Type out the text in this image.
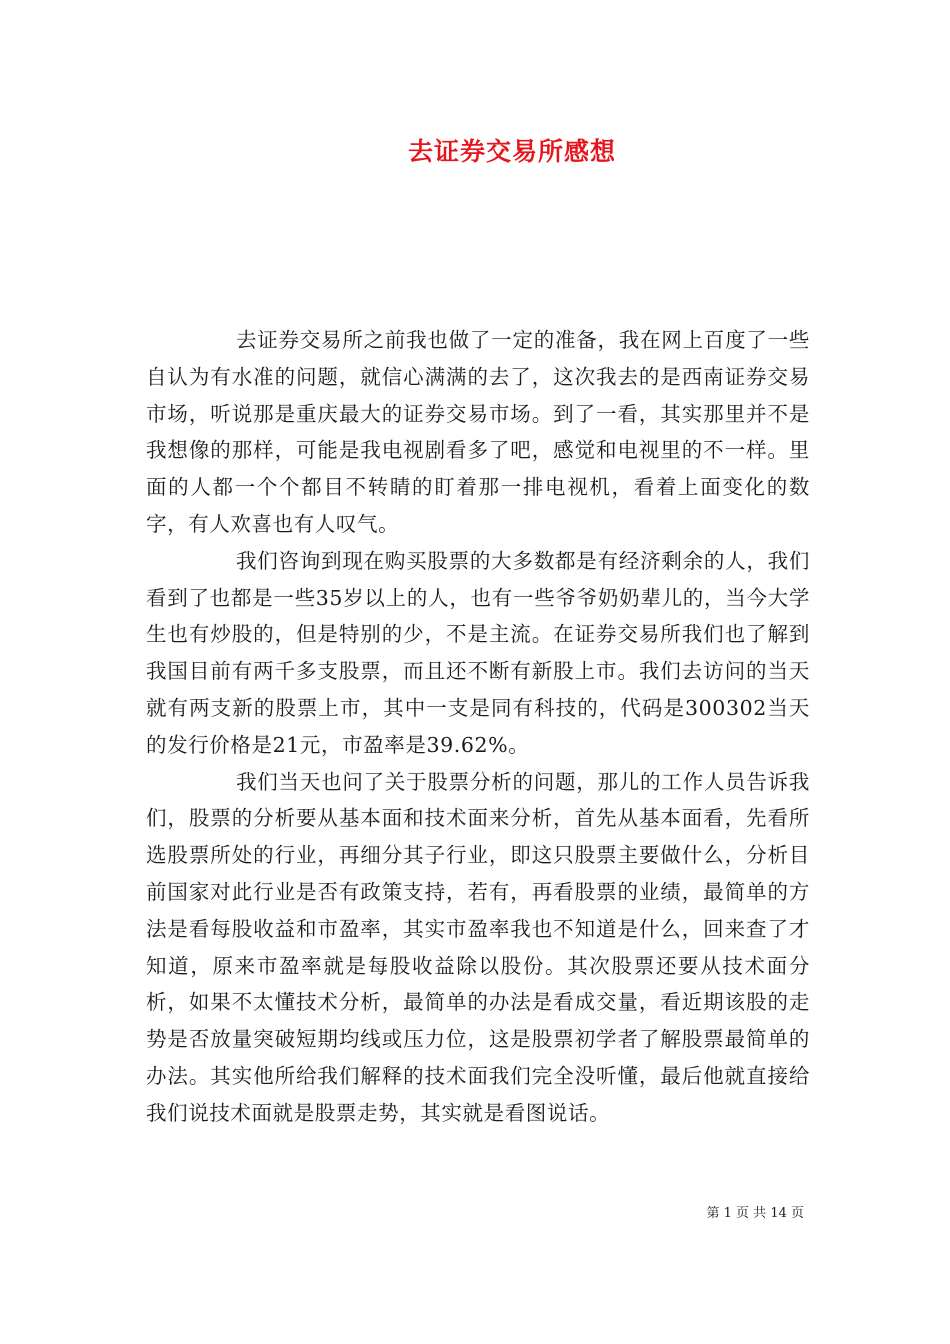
去证券交易所感想

去证券交易所之前我也做了一定的准备，我在网上百度了一些自认为有水准的问题，就信心满满的去了，这次我去的是西南证券交易市场，听说那是重庆最大的证券交易市场。到了一看，其实那里并不是我想像的那样，可能是我电视剧看多了吧，感觉和电视里的不一样。里面的人都一个个都目不转睛的盯着那一排电视机，看着上面变化的数字，有人欢喜也有人叹气。

我们咨询到现在购买股票的大多数都是有经济剩余的人，我们看到了也都是一些35岁以上的人，也有一些爷爷奶奶辈儿的，当今大学生也有炒股的，但是特别的少，不是主流。在证券交易所我们也了解到我国目前有两千多支股票，而且还不断有新股上市。我们去访问的当天就有两支新的股票上市，其中一支是同有科技的，代码是300302当天的发行价格是21元，市盈率是39.62%。

我们当天也问了关于股票分析的问题，那儿的工作人员告诉我们，股票的分析要从基本面和技术面来分析，首先从基本面看，先看所选股票所处的行业，再细分其子行业，即这只股票主要做什么，分析目前国家对此行业是否有政策支持，若有，再看股票的业绩，最简单的方法是看每股收益和市盈率，其实市盈率我也不知道是什么，回来查了才知道，原来市盈率就是每股收益除以股份。其次股票还要从技术面分析，如果不太懂技术分析，最简单的办法是看成交量，看近期该股的走势是否放量突破短期均线或压力位，这是股票初学者了解股票最简单的办法。其实他所给我们解释的技术面我们完全没听懂，最后他就直接给我们说技术面就是股票走势，其实就是看图说话。

第 1 页 共 14 页
